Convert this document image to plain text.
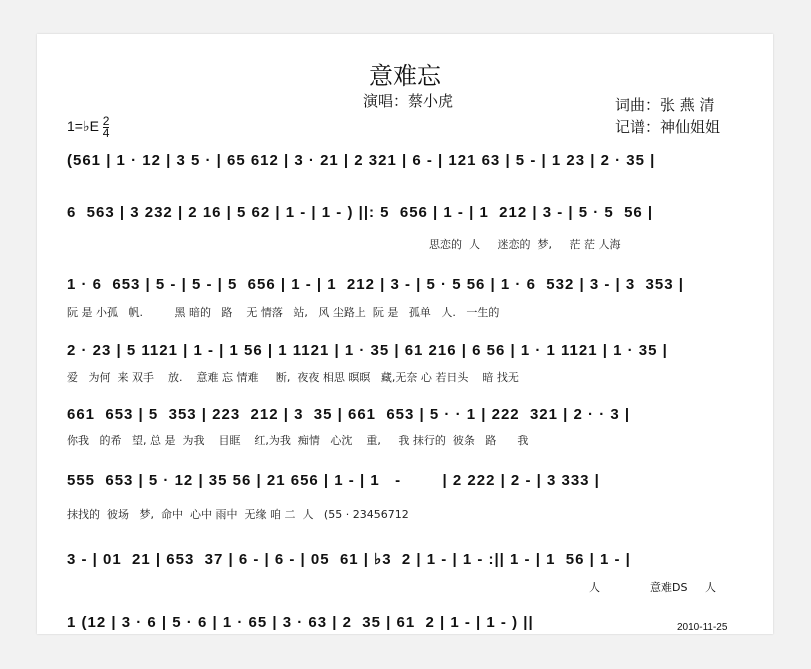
意难忘
演唱：蔡小虎	词曲：张 燕 清
记谱：神仙姐姐
1=♭E $\frac{2}{4}$
(561 | 1 · 12 | 3 5 · | 65 612 | 3 · 21 | 2 321 | 6 - | 121 63 | 5 - | 1 23 | 2 · 35 |
6  563 | 3 232 | 2 16 | 5 62 | 1 - | 1 - ) ||: 5  656 | 1 - | 1  212 | 3 - | 5 · 5  56 |
思恋的  人     迷恋的  梦,     茫 茫 人海
1 · 6  653 | 5 - | 5 - | 5  656 | 1 - | 1  212 | 3 - | 5 · 5 56 | 1 · 6  532 | 3 - | 3  353 |
阮 是 小孤   帆.         黑 暗的   路    无 情落   站,   风 尘路上  阮 是   孤单   人.   一生的
2 · 23 | 5 1121 | 1 - | 1 56 | 1 1121 | 1 · 35 | 61 216 | 6 56 | 1 · 1 1121 | 1 · 35 |
爱   为何  来 双手    放.    意难 忘 情难     断,  夜夜 相思 暝暝   藏,无奈 心 若日头    暗 找无
661  653 | 5  353 | 223  212 | 3  35 | 661  653 | 5 · · 1 | 222  321 | 2 · · 3 |
你我   的希   望, 总 是  为我    目眶    红,为我  痴情   心沈    重,     我 抹行的  彼条   路      我
555  653 | 5 · 12 | 35 56 | 21 656 | 1 - | 1   -        | 2 222 | 2 - | 3 333 |
抹找的  彼场   梦,  命中  心中 雨中  无缘 咱 二  人   (55 · 23456712
3 - | 01  21 | 653  37 | 6 - | 6 - | 05  61 | ♭3  2 | 1 - | 1 - :|| 1 - | 1  56 | 1 - |
人	意难DS 人
1 (12 | 3 · 6 | 5 · 6 | 1 · 65 | 3 · 63 | 2  35 | 61  2 | 1 - | 1 - ) ||	2010-11-25
